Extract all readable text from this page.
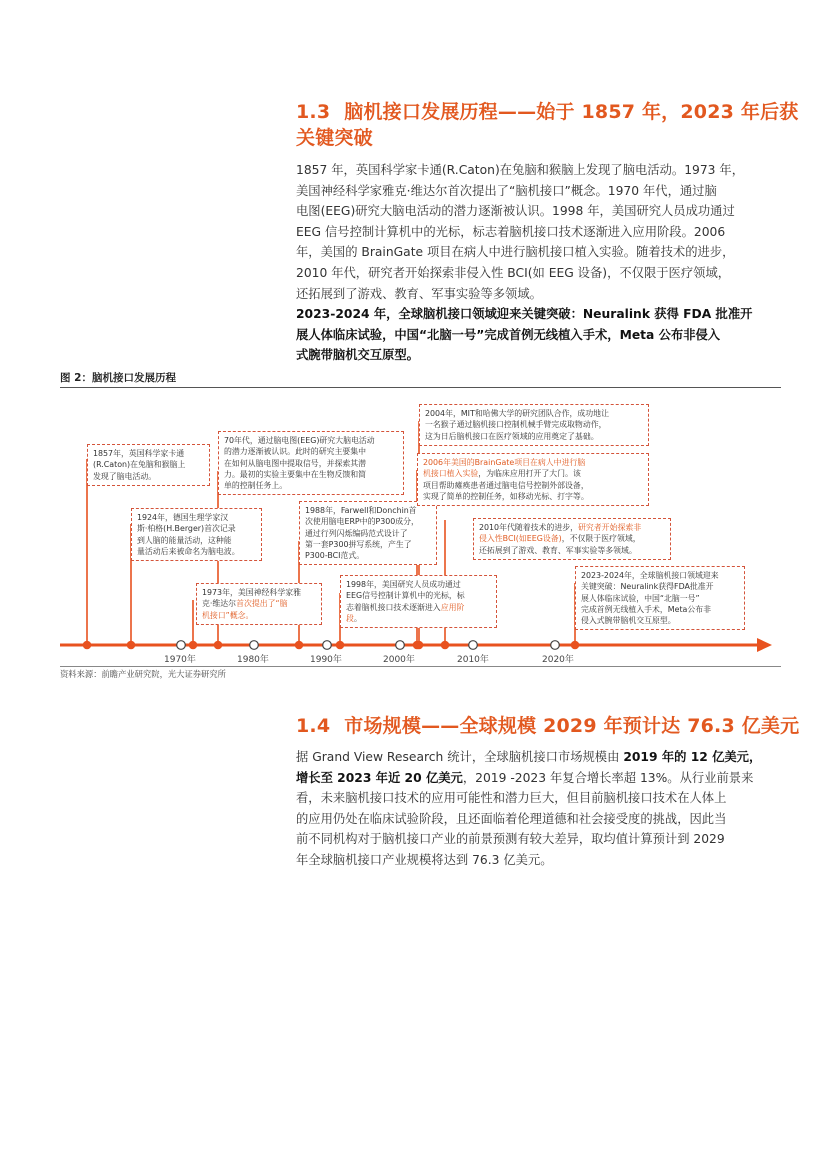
1.3 脑机接口发展历程——始于 1857 年，2023 年后获
关键突破
1857 年，英国科学家卡通(R.Caton)在兔脑和猴脑上发现了脑电活动。1973 年，
美国神经科学家雅克·维达尔首次提出了“脑机接口”概念。1970 年代，通过脑
电图(EEG)研究大脑电活动的潜力逐渐被认识。1998 年，美国研究人员成功通过
EEG 信号控制计算机中的光标，标志着脑机接口技术逐渐进入应用阶段。2006
年，美国的 BrainGate 项目在病人中进行脑机接口植入实验。随着技术的进步，
2010 年代，研究者开始探索非侵入性 BCI(如 EEG 设备)，不仅限于医疗领域，
还拓展到了游戏、教育、军事实验等多领域。
2023-2024 年，全球脑机接口领域迎来关键突破：Neuralink 获得 FDA 批准开
展人体临床试验，中国“北脑一号”完成首例无线植入手术，Meta 公布非侵入
式腕带脑机交互原型。
图 2：脑机接口发展历程
1857年，英国科学家卡通
(R.Caton)在兔脑和猴脑上
发现了脑电活动。
1924年，德国生理学家汉
斯·柏格(H.Berger)首次记录
到人脑的能量活动，这种能
量活动后来被命名为脑电波。
1973年，美国神经科学家雅
克·维达尔首次提出了“脑
机接口”概念。
70年代，通过脑电图(EEG)研究大脑电活动
的潜力逐渐被认识。此时的研究主要集中
在如何从脑电图中提取信号，并探索其潜
力。最初的实验主要集中在生物反馈和简
单的控制任务上。
1988年，Farwell和Donchin首
次使用脑电ERP中的P300成分，
通过行列闪烁编码范式设计了
第一套P300拼写系统，产生了
P300-BCI范式。
1998年，美国研究人员成功通过
EEG信号控制计算机中的光标，标
志着脑机接口技术逐渐进入应用阶
段。
2004年，MIT和哈佛大学的研究团队合作，成功地让
一名猴子通过脑机接口控制机械手臂完成取物动作，
这为日后脑机接口在医疗领域的应用奠定了基础。
2006年美国的BrainGate项目在病人中进行脑
机接口植入实验，为临床应用打开了大门。该
项目帮助瘫痪患者通过脑电信号控制外部设备，
实现了简单的控制任务，如移动光标、打字等。
2010年代随着技术的进步，研究者开始探索非
侵入性BCI(如EEG设备)，不仅限于医疗领域，
还拓展到了游戏、教育、军事实验等多领域。
2023-2024年，全球脑机接口领域迎来
关键突破：Neuralink获得FDA批准开
展人体临床试验，中国“北脑一号”
完成首例无线植入手术，Meta公布非
侵入式腕带脑机交互原型。
1970年	1980年	1990年	2000年	2010年	2020年
资料来源：前瞻产业研究院，光大证券研究所
1.4 市场规模——全球规模 2029 年预计达 76.3 亿美元
据 Grand View Research 统计，全球脑机接口市场规模由 2019 年的 12 亿美元，
增长至 2023 年近 20 亿美元，2019 -2023 年复合增长率超 13%。从行业前景来
看，未来脑机接口技术的应用可能性和潜力巨大，但目前脑机接口技术在人体上
的应用仍处在临床试验阶段，且还面临着伦理道德和社会接受度的挑战，因此当
前不同机构对于脑机接口产业的前景预测有较大差异，取均值计算预计到 2029
年全球脑机接口产业规模将达到 76.3 亿美元。
